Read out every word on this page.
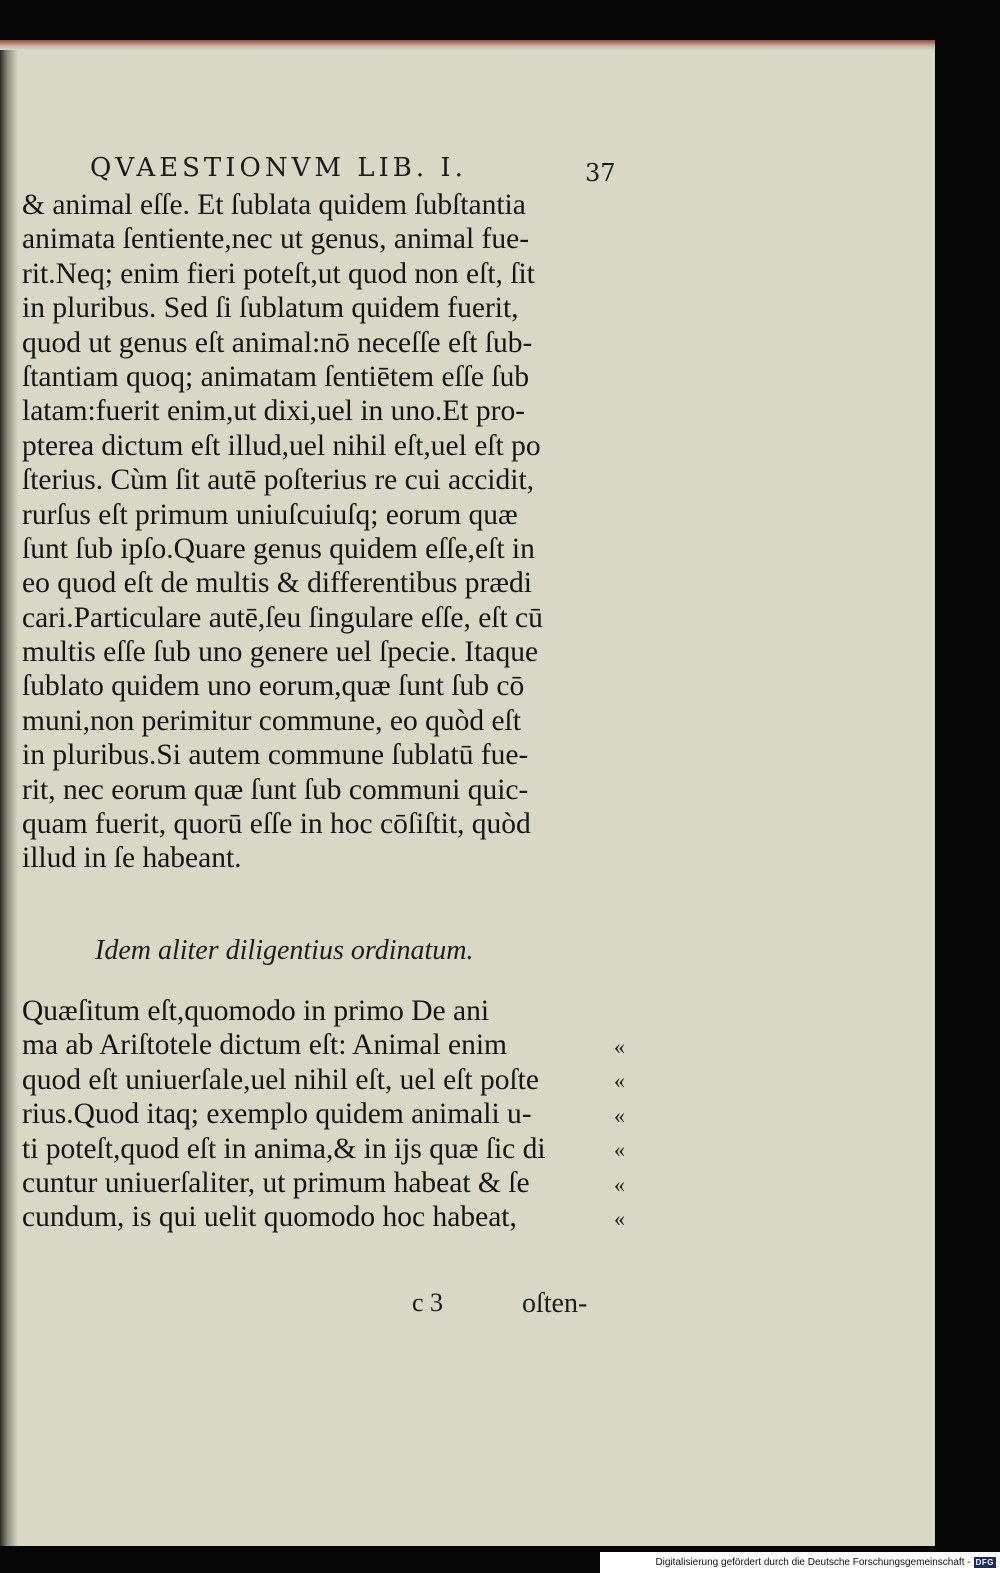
QVAESTIONVM LIB. I.	37
& animal eſſe. Et ſublata quidem ſubſtantia
animata ſentiente,nec ut genus, animal fue-
rit.Neq; enim fieri poteſt,ut quod non eſt, ſit
in pluribus. Sed ſi ſublatum quidem fuerit,
quod ut genus eſt animal:nō neceſſe eſt ſub-
ſtantiam quoq; animatam ſentiētem eſſe ſub
latam:fuerit enim,ut dixi,uel in uno.Et pro-
pterea dictum eſt illud,uel nihil eſt,uel eſt po
ſterius. Cùm ſit autē poſterius re cui accidit,
rurſus eſt primum uniuſcuiuſq; eorum quæ
ſunt ſub ipſo.Quare genus quidem eſſe,eſt in
eo quod eſt de multis & differentibus prædi
cari.Particulare autē,ſeu ſingulare eſſe, eſt cū
multis eſſe ſub uno genere uel ſpecie. Itaque
ſublato quidem uno eorum,quæ ſunt ſub cō
muni,non perimitur commune, eo quòd eſt
in pluribus.Si autem commune ſublatū fue-
rit, nec eorum quæ ſunt ſub communi quic-
quam fuerit, quorū eſſe in hoc cōſiſtit, quòd
illud in ſe habeant.
Idem aliter diligentius ordinatum.
Quæſitum eſt,quomodo in primo De ani
ma ab Ariſtotele dictum eſt: Animal enim
quod eſt uniuerſale,uel nihil eſt, uel eſt poſte
rius.Quod itaq; exemplo quidem animali u-
ti poteſt,quod eſt in anima,& in ijs quæ ſic di
cuntur uniuerſaliter, ut primum habeat & ſe
cundum, is qui uelit quomodo hoc habeat,
«
«
«
«
«
«
c 3	oſten-
Digitalisierung gefördert durch die Deutsche Forschungsgemeinschaft - DFG
